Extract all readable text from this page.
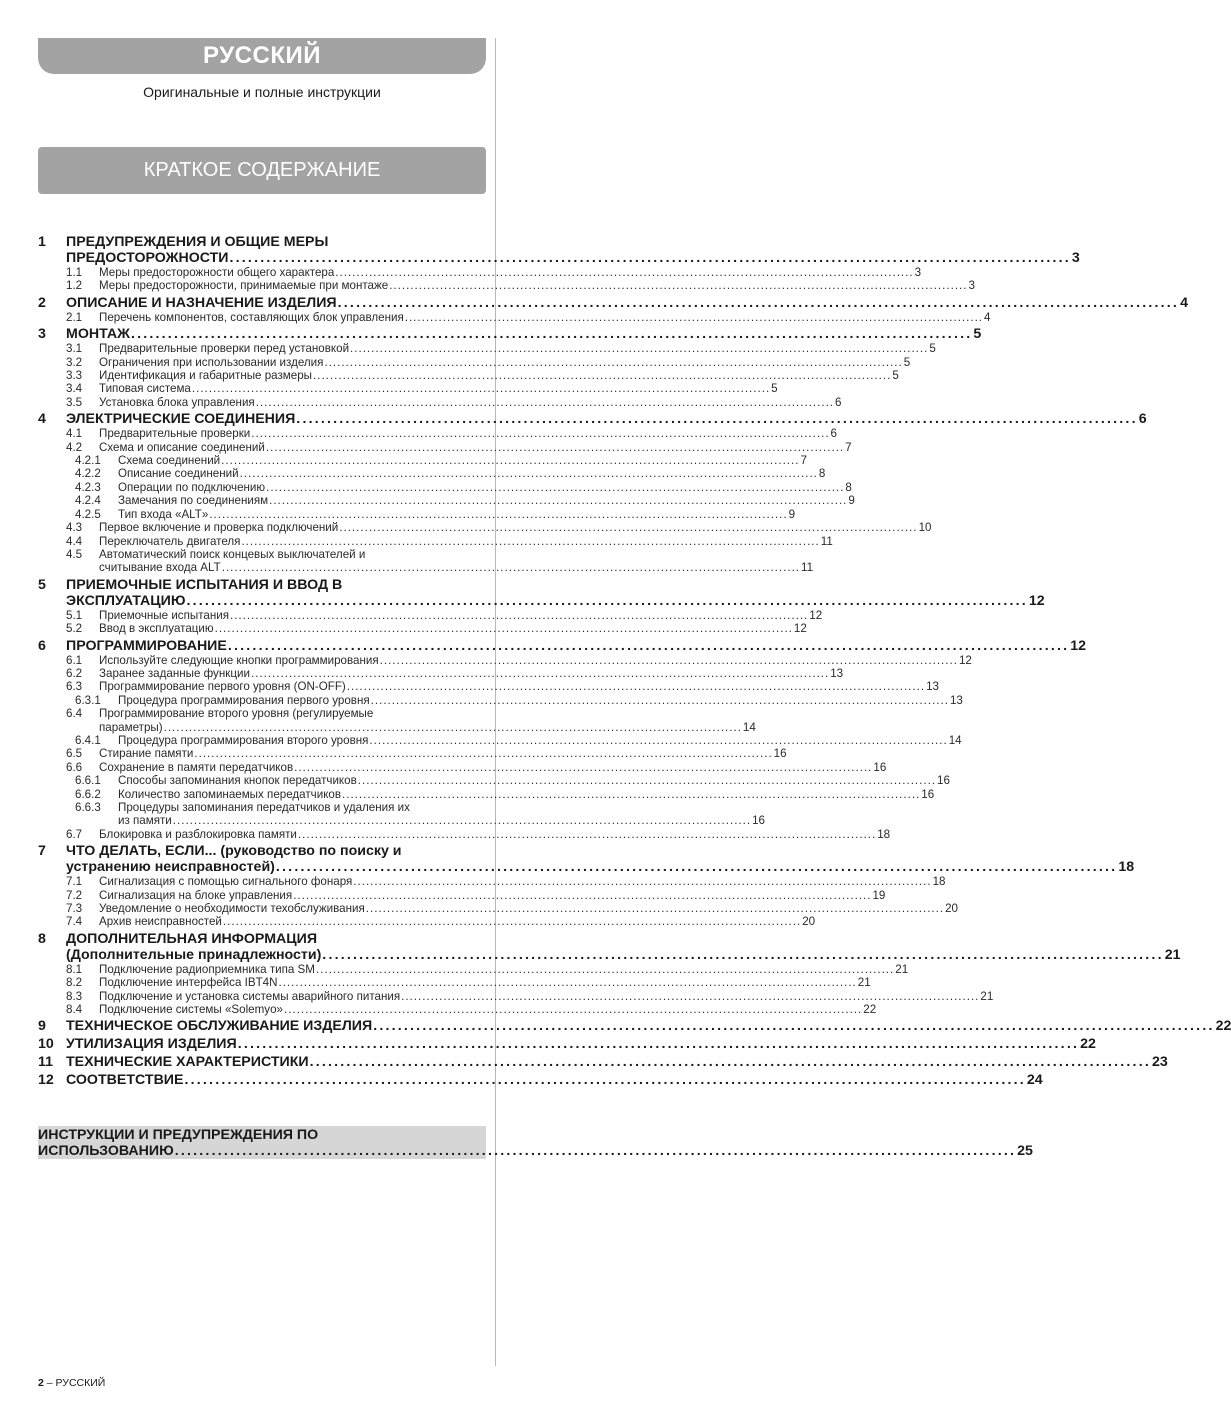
РУССКИЙ
Оригинальные и полные инструкции
КРАТКОЕ СОДЕРЖАНИЕ
1 ПРЕДУПРЕЖДЕНИЯ И ОБЩИЕ МЕРЫ
ПРЕДОСТОРОЖНОСТИ ......................................................................................................................................... 3
1.1 Меры предосторожности общего характера ......................................................................................................................................... 3
1.2 Меры предосторожности, принимаемые при монтаже ......................................................................................................................................... 3
2 ОПИСАНИЕ И НАЗНАЧЕНИЕ ИЗДЕЛИЯ ......................................................................................................................................... 4
2.1 Перечень компонентов, составляющих блок управления ......................................................................................................................................... 4
3 МОНТАЖ ......................................................................................................................................... 5
3.1 Предварительные проверки перед установкой ......................................................................................................................................... 5
3.2 Ограничения при использовании изделия ......................................................................................................................................... 5
3.3 Идентификация и габаритные размеры ......................................................................................................................................... 5
3.4 Типовая система ......................................................................................................................................... 5
3.5 Установка блока управления ......................................................................................................................................... 6
4 ЭЛЕКТРИЧЕСКИЕ СОЕДИНЕНИЯ ......................................................................................................................................... 6
4.1 Предварительные проверки ......................................................................................................................................... 6
4.2 Схема и описание соединений ......................................................................................................................................... 7
4.2.1 Схема соединений ......................................................................................................................................... 7
4.2.2 Описание соединений ......................................................................................................................................... 8
4.2.3 Операции по подключению ......................................................................................................................................... 8
4.2.4 Замечания по соединениям ......................................................................................................................................... 9
4.2.5 Тип входа «ALT» ......................................................................................................................................... 9
4.3 Первое включение и проверка подключений ......................................................................................................................................... 10
4.4 Переключатель двигателя ......................................................................................................................................... 11
4.5 Автоматический поиск концевых выключателей и
считывание входа ALT ......................................................................................................................................... 11
5 ПРИЕМОЧНЫЕ ИСПЫТАНИЯ И ВВОД В
ЭКСПЛУАТАЦИЮ ......................................................................................................................................... 12
5.1 Приемочные испытания ......................................................................................................................................... 12
5.2 Ввод в эксплуатацию ......................................................................................................................................... 12
6 ПРОГРАММИРОВАНИЕ ......................................................................................................................................... 12
6.1 Используйте следующие кнопки программирования ......................................................................................................................................... 12
6.2 Заранее заданные функции ......................................................................................................................................... 13
6.3 Программирование первого уровня (ON-OFF) ......................................................................................................................................... 13
6.3.1 Процедура программирования первого уровня ......................................................................................................................................... 13
6.4 Программирование второго уровня (регулируемые
параметры) ......................................................................................................................................... 14
6.4.1 Процедура программирования второго уровня ......................................................................................................................................... 14
6.5 Стирание памяти ......................................................................................................................................... 16
6.6 Сохранение в памяти передатчиков ......................................................................................................................................... 16
6.6.1 Способы запоминания кнопок передатчиков ......................................................................................................................................... 16
6.6.2 Количество запоминаемых передатчиков ......................................................................................................................................... 16
6.6.3 Процедуры запоминания передатчиков и удаления их
из памяти ......................................................................................................................................... 16
6.7 Блокировка и разблокировка памяти ......................................................................................................................................... 18
7 ЧТО ДЕЛАТЬ, ЕСЛИ... (руководство по поиску и
устранению неисправностей) ......................................................................................................................................... 18
7.1 Сигнализация с помощью сигнального фонаря ......................................................................................................................................... 18
7.2 Сигнализация на блоке управления ......................................................................................................................................... 19
7.3 Уведомление о необходимости техобслуживания ......................................................................................................................................... 20
7.4 Архив неисправностей ......................................................................................................................................... 20
8 ДОПОЛНИТЕЛЬНАЯ ИНФОРМАЦИЯ
(Дополнительные принадлежности) ......................................................................................................................................... 21
8.1 Подключение радиоприемника типа SM ......................................................................................................................................... 21
8.2 Подключение интерфейса IBT4N ......................................................................................................................................... 21
8.3 Подключение и установка системы аварийного питания ......................................................................................................................................... 21
8.4 Подключение системы «Solemyo» ......................................................................................................................................... 22
9 ТЕХНИЧЕСКОЕ ОБСЛУЖИВАНИЕ ИЗДЕЛИЯ ......................................................................................................................................... 22
10 УТИЛИЗАЦИЯ ИЗДЕЛИЯ ......................................................................................................................................... 22
11 ТЕХНИЧЕСКИЕ ХАРАКТЕРИСТИКИ ......................................................................................................................................... 23
12 СООТВЕТСТВИЕ ......................................................................................................................................... 24
ИНСТРУКЦИИ И ПРЕДУПРЕЖДЕНИЯ ПО
ИСПОЛЬЗОВАНИЮ ......................................................................................................................................... 25
2 – РУССКИЙ
